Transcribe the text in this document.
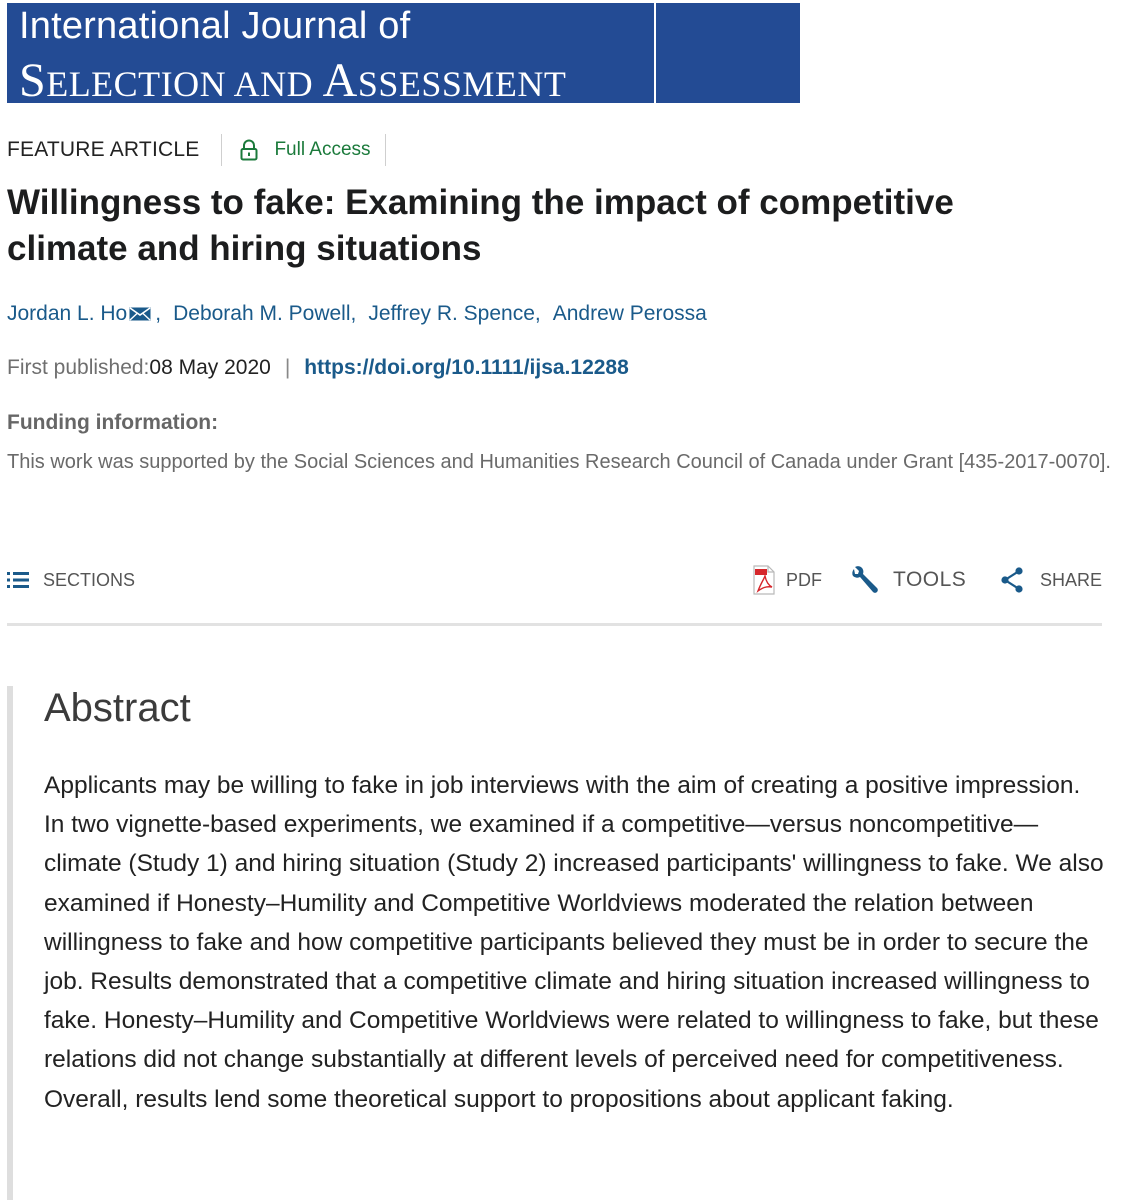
International Journal of
SELECTION AND ASSESSMENT
FEATURE ARTICLE	Full Access
Willingness to fake: Examining the impact of competitive climate and hiring situations
Jordan L. Ho , Deborah M. Powell , Jeffrey R. Spence , Andrew Perossa
First published:08 May 2020 | https://doi.org/10.1111/ijsa.12288
Funding information:
This work was supported by the Social Sciences and Humanities Research Council of Canada under Grant [435-2017-0070].
SECTIONS	PDF	TOOLS	SHARE
Abstract

Applicants may be willing to fake in job interviews with the aim of creating a positive impression. In two vignette-based experiments, we examined if a competitive—versus noncompetitive—climate (Study 1) and hiring situation (Study 2) increased participants' willingness to fake. We also examined if Honesty–Humility and Competitive Worldviews moderated the relation between willingness to fake and how competitive participants believed they must be in order to secure the job. Results demonstrated that a competitive climate and hiring situation increased willingness to fake. Honesty–Humility and Competitive Worldviews were related to willingness to fake, but these relations did not change substantially at different levels of perceived need for competitiveness. Overall, results lend some theoretical support to propositions about applicant faking.
